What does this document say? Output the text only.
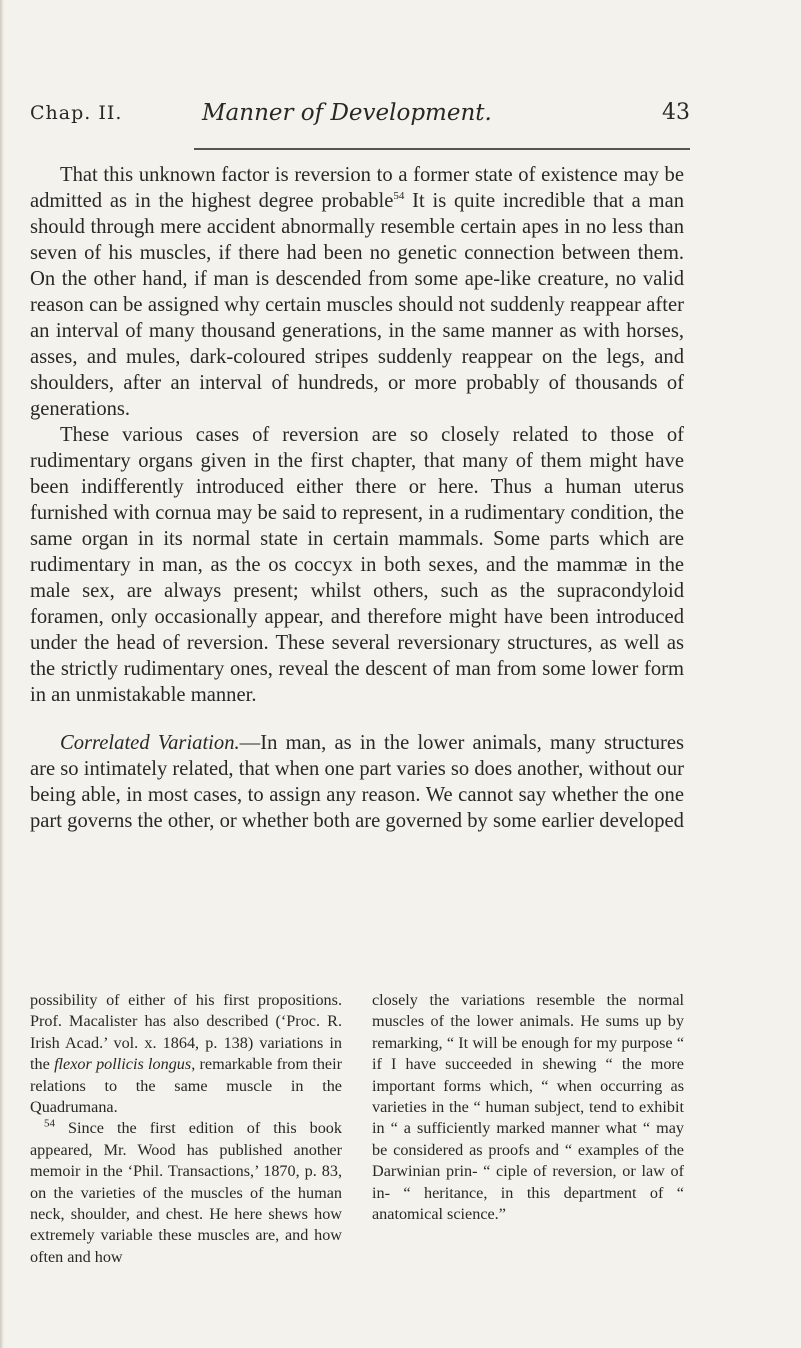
Chap. II.	Manner of Development.	43

That this unknown factor is reversion to a former state of existence may be admitted as in the highest degree probable$^{54}$ It is quite incredible that a man should through mere accident abnormally resemble certain apes in no less than seven of his muscles, if there had been no genetic connection between them. On the other hand, if man is descended from some ape-like creature, no valid reason can be assigned why certain muscles should not suddenly reappear after an interval of many thousand generations, in the same manner as with horses, asses, and mules, dark-coloured stripes suddenly reappear on the legs, and shoulders, after an interval of hundreds, or more probably of thousands of generations.

These various cases of reversion are so closely related to those of rudimentary organs given in the first chapter, that many of them might have been indifferently introduced either there or here. Thus a human uterus furnished with cornua may be said to represent, in a rudimentary condition, the same organ in its normal state in certain mammals. Some parts which are rudimentary in man, as the os coccyx in both sexes, and the mammæ in the male sex, are always present; whilst others, such as the supracondyloid foramen, only occasionally appear, and therefore might have been introduced under the head of reversion. These several reversionary structures, as well as the strictly rudimentary ones, reveal the descent of man from some lower form in an unmistakable manner.

Correlated Variation.—In man, as in the lower animals, many structures are so intimately related, that when one part varies so does another, without our being able, in most cases, to assign any reason. We cannot say whether the one part governs the other, or whether both are governed by some earlier developed

possibility of either of his first propositions. Prof. Macalister has also described (‘Proc. R. Irish Acad.’ vol. x. 1864, p. 138) variations in the flexor pollicis longus, remarkable from their relations to the same muscle in the Quadrumana.

$^{54}$ Since the first edition of this book appeared, Mr. Wood has published another memoir in the ‘Phil. Transactions,’ 1870, p. 83, on the varieties of the muscles of the human neck, shoulder, and chest. He here shews how extremely variable these muscles are, and how often and how

closely the variations resemble the normal muscles of the lower animals. He sums up by remarking, “ It will be enough for my purpose “ if I have succeeded in shewing “ the more important forms which, “ when occurring as varieties in the “ human subject, tend to exhibit in “ a sufficiently marked manner what “ may be considered as proofs and “ examples of the Darwinian prin- “ ciple of reversion, or law of in- “ heritance, in this department of “ anatomical science.”
